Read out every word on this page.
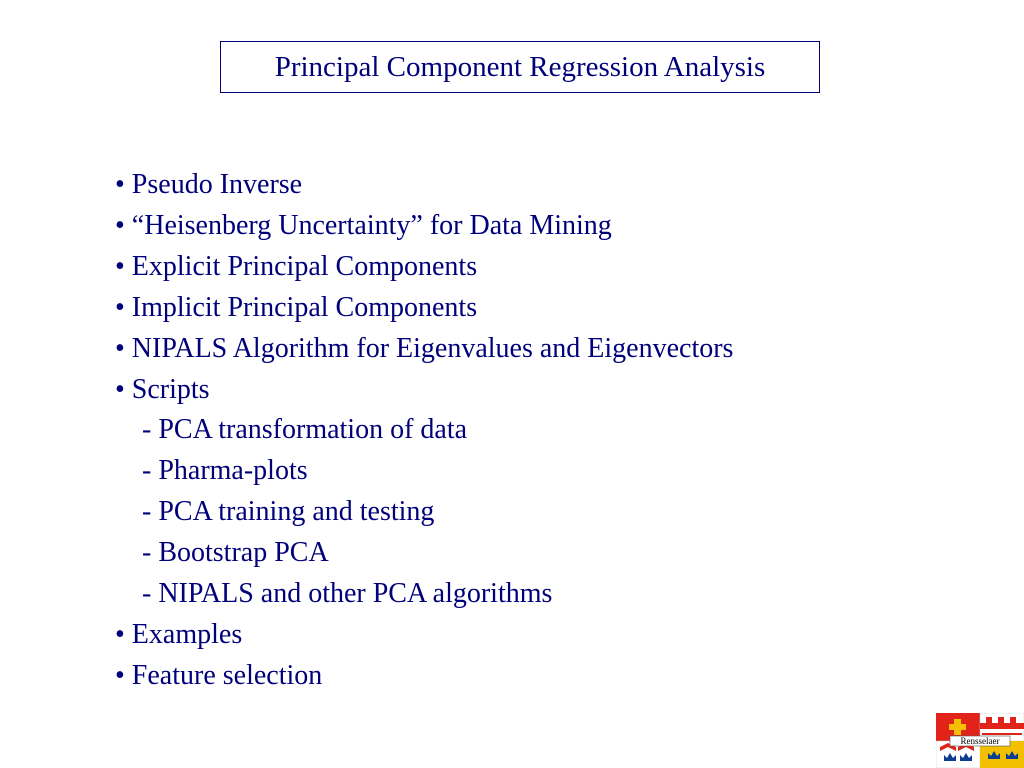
Principal Component Regression Analysis
• Pseudo Inverse
• “Heisenberg Uncertainty” for Data Mining
• Explicit Principal Components
• Implicit Principal Components
• NIPALS Algorithm for Eigenvalues and Eigenvectors
• Scripts
- PCA transformation of data
- Pharma-plots
- PCA training and testing
- Bootstrap PCA
- NIPALS and other PCA algorithms
• Examples
• Feature selection
Rensselaer
